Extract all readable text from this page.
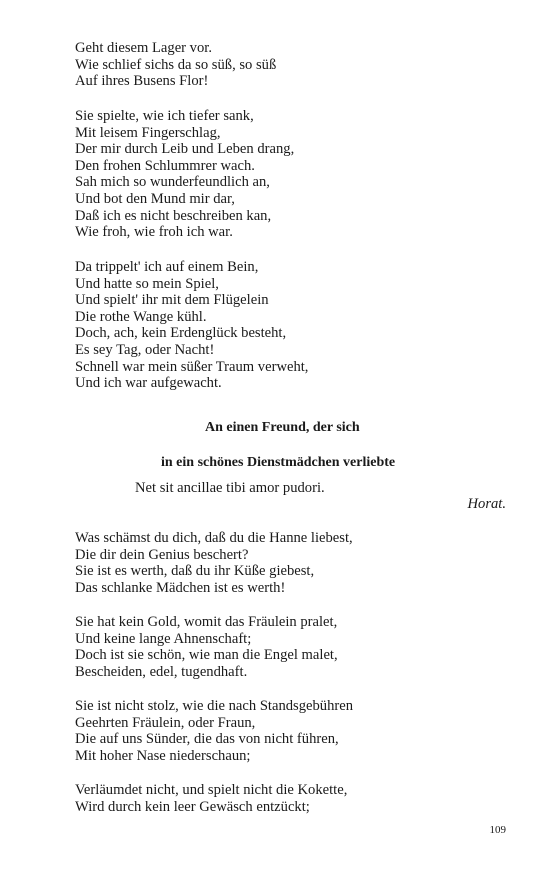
Geht diesem Lager vor.
Wie schlief sichs da so süß, so süß
Auf ihres Busens Flor!
Sie spielte, wie ich tiefer sank,
Mit leisem Fingerschlag,
Der mir durch Leib und Leben drang,
Den frohen Schlummrer wach.
Sah mich so wunderfeundlich an,
Und bot den Mund mir dar,
Daß ich es nicht beschreiben kan,
Wie froh, wie froh ich war.
Da trippelt' ich auf einem Bein,
Und hatte so mein Spiel,
Und spielt' ihr mit dem Flügelein
Die rothe Wange kühl.
Doch, ach, kein Erdenglück besteht,
Es sey Tag, oder Nacht!
Schnell war mein süßer Traum verweht,
Und ich war aufgewacht.

An einen Freund, der sich

in ein schönes Dienstmädchen verliebte

Net sit ancillae tibi amor pudori.

Horat.

Was schämst du dich, daß du die Hanne liebest,
Die dir dein Genius beschert?
Sie ist es werth, daß du ihr Küße giebest,
Das schlanke Mädchen ist es werth!
Sie hat kein Gold, womit das Fräulein pralet,
Und keine lange Ahnenschaft;
Doch ist sie schön, wie man die Engel malet,
Bescheiden, edel, tugendhaft.
Sie ist nicht stolz, wie die nach Standsgebühren
Geehrten Fräulein, oder Fraun,
Die auf uns Sünder, die das von nicht führen,
Mit hoher Nase niederschaun;
Verläumdet nicht, und spielt nicht die Kokette,
Wird durch kein leer Gewäsch entzückt;

109
